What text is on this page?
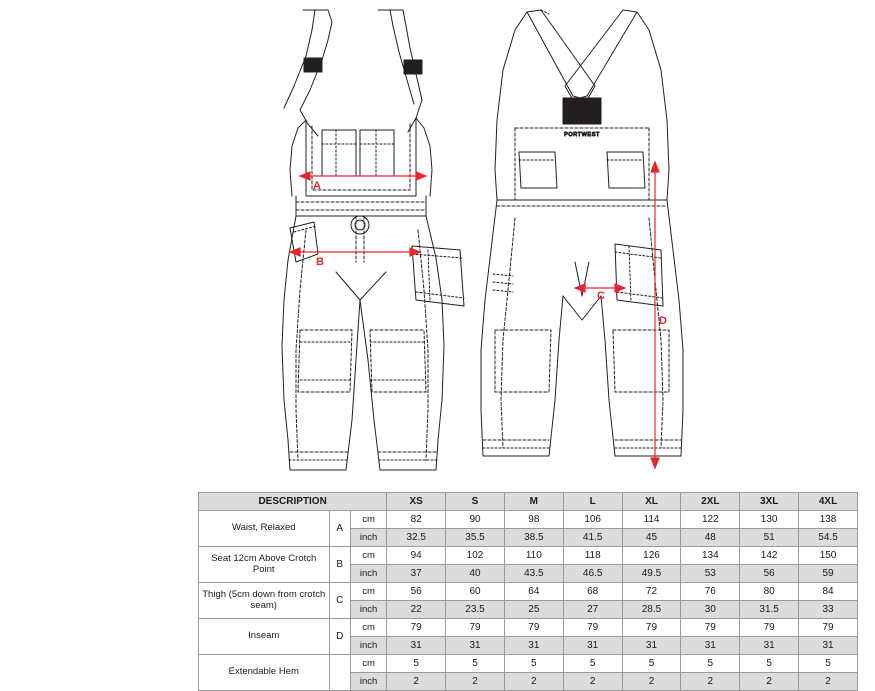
PORTWEST
A
B
C
D
DESCRIPTION			XS	S	M	L	XL	2XL	3XL	4XL
Waist, Relaxed	A	cm	82	90	98	106	114	122	130	138
		inch	32.5	35.5	38.5	41.5	45	48	51	54.5
Seat 12cm Above Crotch Point	B	cm	94	102	110	118	126	134	142	150
		inch	37	40	43.5	46.5	49.5	53	56	59
Thigh (5cm down from crotch seam)	C	cm	56	60	64	68	72	76	80	84
		inch	22	23.5	25	27	28.5	30	31.5	33
Inseam	D	cm	79	79	79	79	79	79	79	79
		inch	31	31	31	31	31	31	31	31
Extendable Hem		cm	5	5	5	5	5	5	5	5
		inch	2	2	2	2	2	2	2	2
